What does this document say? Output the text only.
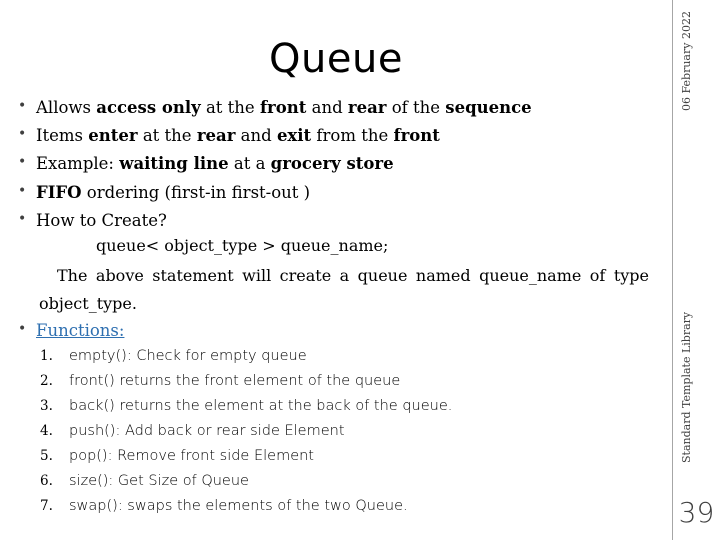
Queue	06 February 2022
Standard Template Library
39
• Allows access only at the front and rear of the sequence
• Items enter at the rear and exit from the front
• Example: waiting line at a grocery store
• FIFO ordering (first-in first-out )
• How to Create?
• Functions:
queue< object_type > queue_name;
The above statement will create a queue named queue_name of type
object_type.
1.	empty(): Check for empty queue
2.	front() returns the front element of the queue
3.	back() returns the element at the back of the queue.
4.	push(): Add back or rear side Element
5.	pop(): Remove front side Element
6.	size(): Get Size of Queue
7.	swap(): swaps the elements of the two Queue.
